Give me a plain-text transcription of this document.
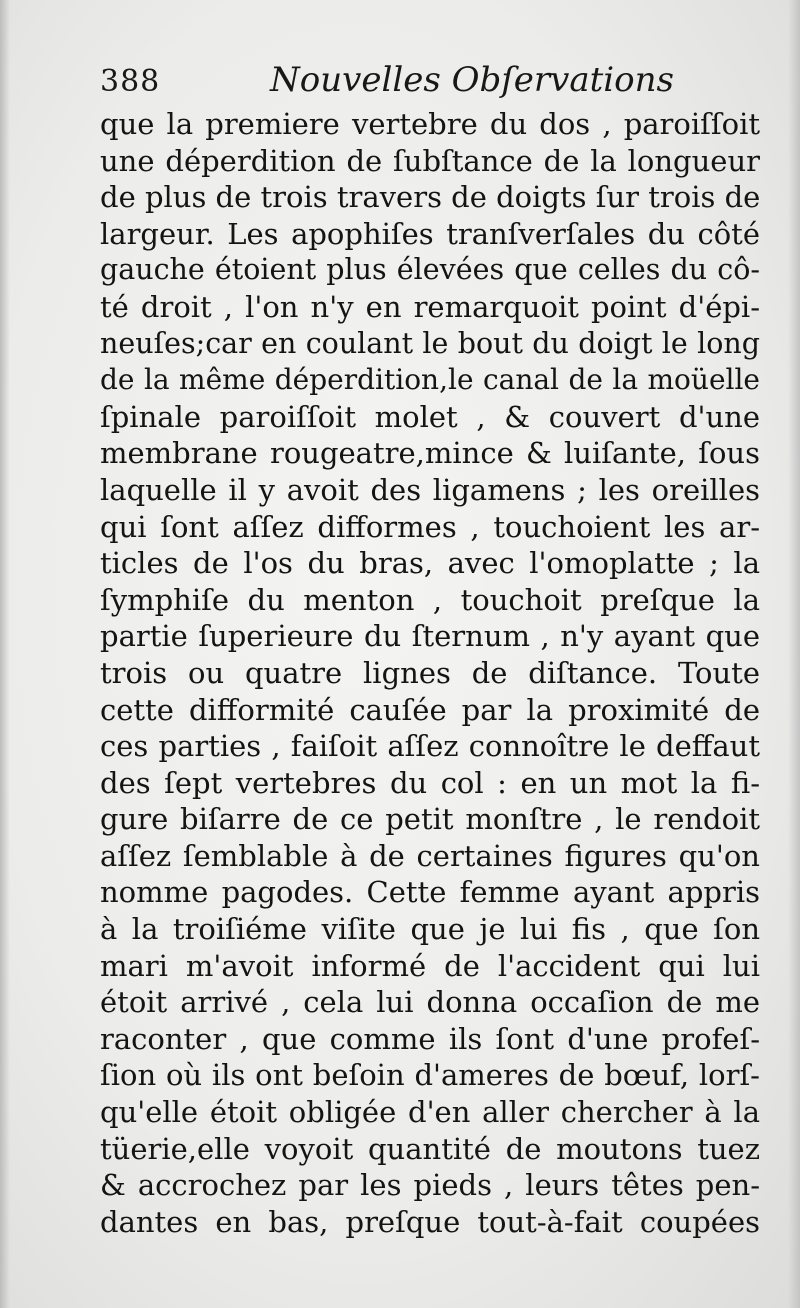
388	Nouvelles Obſervations
que la premiere vertebre du dos , paroiſſoit
une déperdition de ſubſtance de la longueur
de plus de trois travers de doigts ſur trois de
largeur. Les apophiſes tranſverſales du côté
gauche étoient plus élevées que celles du cô-
té droit , l'on n'y en remarquoit point d'épi-
neuſes;car en coulant le bout du doigt le long
de la même déperdition,le canal de la moüelle
ſpinale paroiſſoit molet , & couvert d'une
membrane rougeatre,mince & luiſante, ſous
laquelle il y avoit des ligamens ; les oreilles
qui ſont aſſez difformes , touchoient les ar-
ticles de l'os du bras, avec l'omoplatte ; la
ſymphiſe du menton , touchoit preſque la
partie ſuperieure du ſternum , n'y ayant que
trois ou quatre lignes de diſtance. Toute
cette difformité cauſée par la proximité de
ces parties , faiſoit aſſez connoître le deffaut
des ſept vertebres du col : en un mot la fi-
gure biſarre de ce petit monſtre , le rendoit
aſſez ſemblable à de certaines figures qu'on
nomme pagodes. Cette femme ayant appris
à la troiſiéme viſite que je lui fis , que ſon
mari m'avoit informé de l'accident qui lui
étoit arrivé , cela lui donna occaſion de me
raconter , que comme ils ſont d'une profeſ-
ſion où ils ont beſoin d'ameres de bœuf, lorſ-
qu'elle étoit obligée d'en aller chercher à la
tüerie,elle voyoit quantité de moutons tuez
& accrochez par les pieds , leurs têtes pen-
dantes en bas, preſque tout-à-fait coupées
